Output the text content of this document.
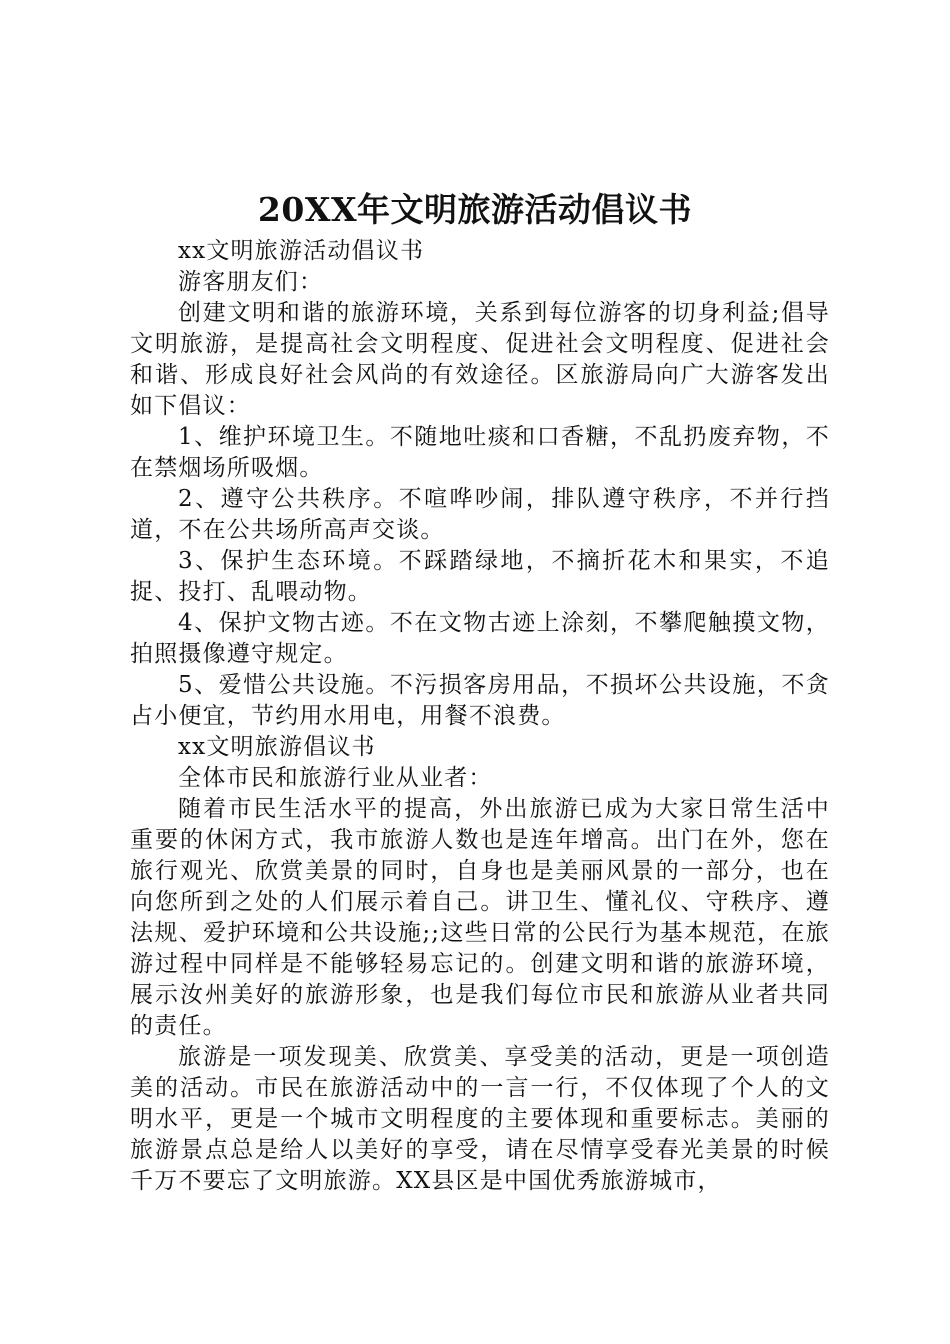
20XX年文明旅游活动倡议书

xx文明旅游活动倡议书

游客朋友们：

创建文明和谐的旅游环境，关系到每位游客的切身利益;倡导文明旅游，是提高社会文明程度、促进社会文明程度、促进社会和谐、形成良好社会风尚的有效途径。区旅游局向广大游客发出如下倡议：

1、维护环境卫生。不随地吐痰和口香糖，不乱扔废弃物，不在禁烟场所吸烟。

2、遵守公共秩序。不喧哗吵闹，排队遵守秩序，不并行挡道，不在公共场所高声交谈。

3、保护生态环境。不踩踏绿地，不摘折花木和果实，不追捉、投打、乱喂动物。

4、保护文物古迹。不在文物古迹上涂刻，不攀爬触摸文物，拍照摄像遵守规定。

5、爱惜公共设施。不污损客房用品，不损坏公共设施，不贪占小便宜，节约用水用电，用餐不浪费。

xx文明旅游倡议书

全体市民和旅游行业从业者：

随着市民生活水平的提高，外出旅游已成为大家日常生活中重要的休闲方式，我市旅游人数也是连年增高。出门在外，您在旅行观光、欣赏美景的同时，自身也是美丽风景的一部分，也在向您所到之处的人们展示着自己。讲卫生、懂礼仪、守秩序、遵法规、爱护环境和公共设施;;这些日常的公民行为基本规范，在旅游过程中同样是不能够轻易忘记的。创建文明和谐的旅游环境，展示汝州美好的旅游形象，也是我们每位市民和旅游从业者共同的责任。

旅游是一项发现美、欣赏美、享受美的活动，更是一项创造美的活动。市民在旅游活动中的一言一行，不仅体现了个人的文明水平，更是一个城市文明程度的主要体现和重要标志。美丽的旅游景点总是给人以美好的享受，请在尽情享受春光美景的时候千万不要忘了文明旅游。XX县区是中国优秀旅游城市，
